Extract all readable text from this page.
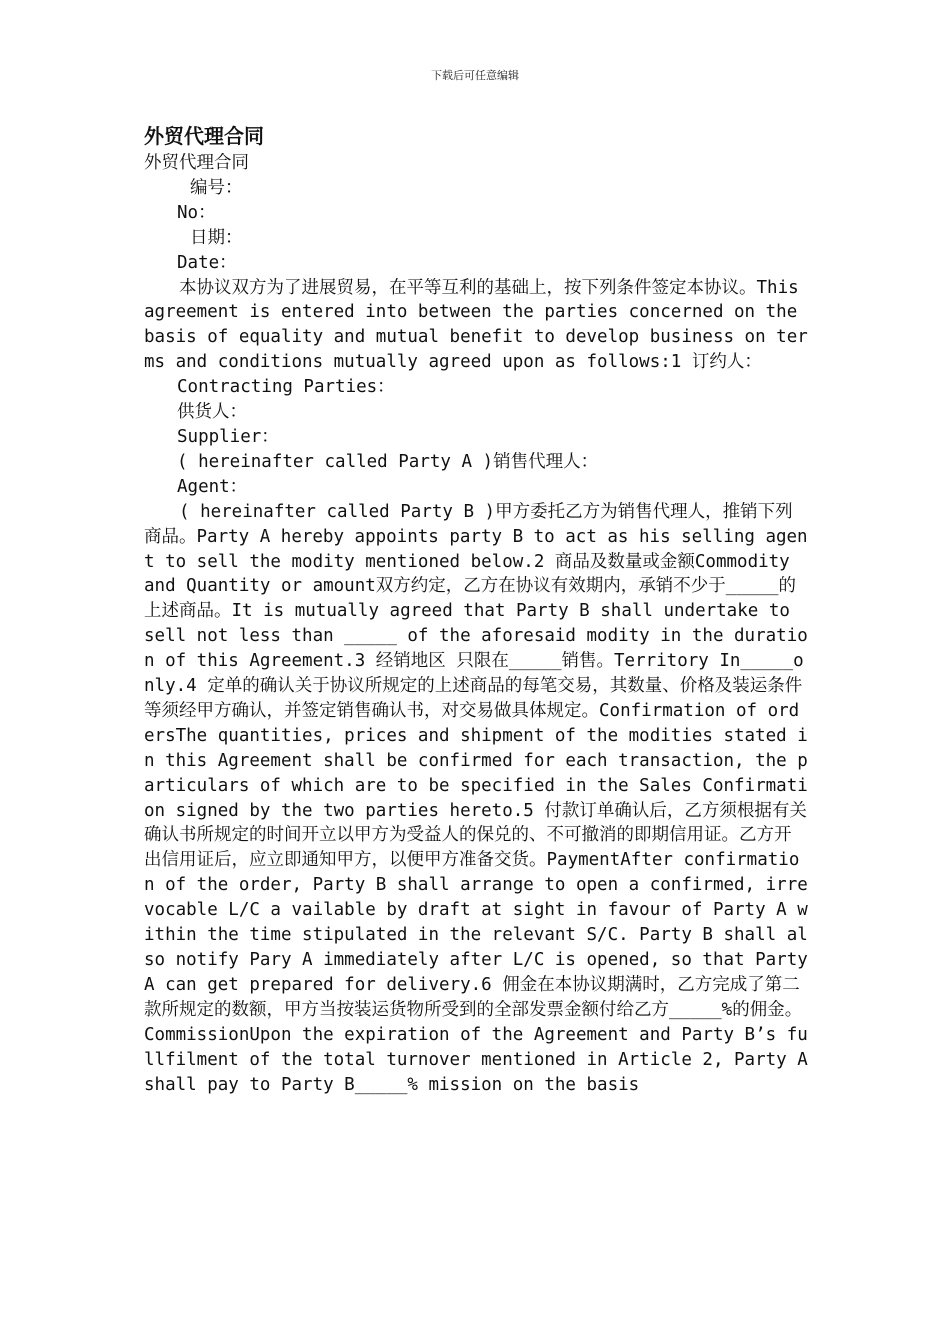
下载后可任意编辑
外贸代理合同
外贸代理合同
编号：
No：
日期：
Date：
本协议双方为了进展贸易，在平等互利的基础上，按下列条件签定本协议。This agreement is entered into between the parties concerned on the basis of equality and mutual benefit to develop business on terms and conditions mutually agreed upon as follows:1 订约人：
Contracting Parties：
供货人：
Supplier：
( hereinafter called Party A )销售代理人：
Agent：
( hereinafter called Party B )甲方委托乙方为销售代理人，推销下列商品。Party A hereby appoints party B to act as his selling agent to sell the modity mentioned below.2 商品及数量或金额Commodity and Quantity or amount双方约定，乙方在协议有效期内，承销不少于_____的上述商品。It is mutually agreed that Party B shall undertake to sell not less than _____ of the aforesaid modity in the duration of this Agreement.3 经销地区 只限在_____销售。Territory In_____only.4 定单的确认关于协议所规定的上述商品的每笔交易，其数量、价格及装运条件等须经甲方确认，并签定销售确认书，对交易做具体规定。Confirmation of ordersThe quantities, prices and shipment of the modities stated in this Agreement shall be confirmed for each transaction, the particulars of which are to be specified in the Sales Confirmation signed by the two parties hereto.5 付款订单确认后，乙方须根据有关确认书所规定的时间开立以甲方为受益人的保兑的、不可撤消的即期信用证。乙方开出信用证后，应立即通知甲方，以便甲方准备交货。PaymentAfter confirmation of the order, Party B shall arrange to open a confirmed, irrevocable L/C a vailable by draft at sight in favour of Party A within the time stipulated in the relevant S/C. Party B shall also notify Pary A immediately after L/C is opened, so that Party A can get prepared for delivery.6 佣金在本协议期满时，乙方完成了第二款所规定的数额，甲方当按装运货物所受到的全部发票金额付给乙方_____%的佣金。CommissionUpon the expiration of the Agreement and Party B’s fullfilment of the total turnover mentioned in Article 2, Party A shall pay to Party B_____% mission on the basis
